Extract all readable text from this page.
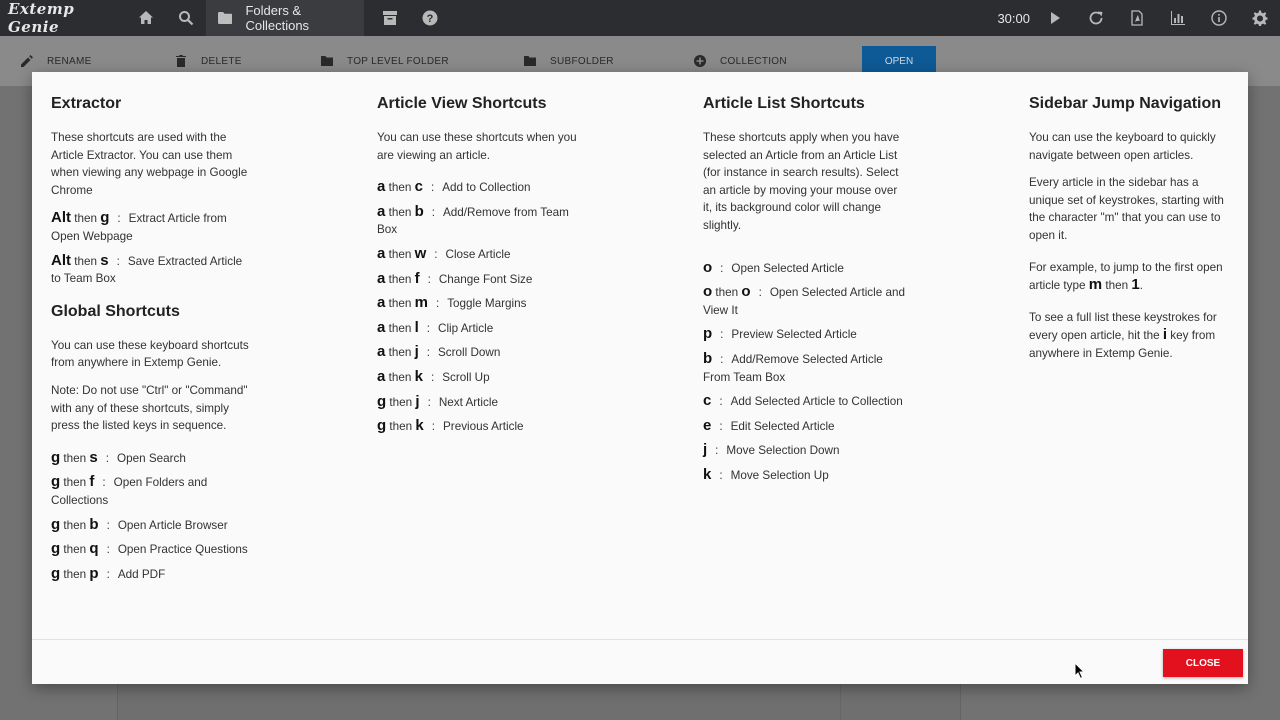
Extemp Genie
Folders & Collections	?	30:00
RENAME	DELETE	TOP LEVEL FOLDER	SUBFOLDER	COLLECTION	OPEN
Extractor

These shortcuts are used with the Article Extractor. You can use them when viewing any webpage in Google Chrome

Alt then g : Extract Article from Open Webpage
Alt then s : Save Extracted Article to Team Box
Global Shortcuts

You can use these keyboard shortcuts from anywhere in Extemp Genie.

Note: Do not use "Ctrl" or "Command" with any of these shortcuts, simply press the listed keys in sequence.

g then s : Open Search
g then f : Open Folders and Collections
g then b : Open Article Browser
g then q : Open Practice Questions
g then p : Add PDF
Article View Shortcuts

You can use these shortcuts when you are viewing an article.

a then c : Add to Collection
a then b : Add/Remove from Team Box
a then w : Close Article
a then f : Change Font Size
a then m : Toggle Margins
a then l : Clip Article
a then j : Scroll Down
a then k : Scroll Up
g then j : Next Article
g then k : Previous Article
Article List Shortcuts

These shortcuts apply when you have selected an Article from an Article List (for instance in search results). Select an article by moving your mouse over it, its background color will change slightly.

o : Open Selected Article
o then o : Open Selected Article and View It
p : Preview Selected Article
b : Add/Remove Selected Article From Team Box
c : Add Selected Article to Collection
e : Edit Selected Article
j : Move Selection Down
k : Move Selection Up
Sidebar Jump Navigation

You can use the keyboard to quickly navigate between open articles.

Every article in the sidebar has a unique set of keystrokes, starting with the character "m" that you can use to open it.

For example, to jump to the first open article type m then 1.

To see a full list these keystrokes for every open article, hit the i key from anywhere in Extemp Genie.

CLOSE
